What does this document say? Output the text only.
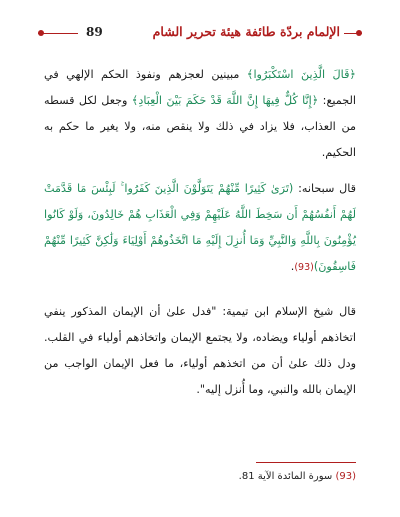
الإلمام بردّة طائفة هيئة تحرير الشام
89

﴿قَالَ الَّذِينَ اسْتَكْبَرُوا﴾ مبينين لعجزهم ونفوذ الحكم الإلهي في الجميع: ﴿إِنَّا كُلٌّ فِيهَا إِنَّ اللَّهَ قَدْ حَكَمَ بَيْنَ الْعِبَادِ﴾ وجعل لكل قسطه من العذاب، فلا يزاد في ذلك ولا ينقص منه، ولا يغير ما حكم به الحكيم.

قال سبحانه: (تَرَىٰ كَثِيرًا مِّنْهُمْ يَتَوَلَّوْنَ الَّذِينَ كَفَرُوا ۚ لَبِئْسَ مَا قَدَّمَتْ لَهُمْ أَنفُسُهُمْ أَن سَخِطَ اللَّهُ عَلَيْهِمْ وَفِي الْعَذَابِ هُمْ خَالِدُونَ، وَلَوْ كَانُوا يُؤْمِنُونَ بِاللَّهِ وَالنَّبِيِّ وَمَا أُنزِلَ إِلَيْهِ مَا اتَّخَذُوهُمْ أَوْلِيَاءَ وَلَٰكِنَّ كَثِيرًا مِّنْهُمْ فَاسِقُونَ)(93).

قال شيخ الإسلام ابن تيمية: "فدل علىٰ أن الإيمان المذكور ينفي اتخاذهم أولياء ويضاده، ولا يجتمع الإيمان واتخاذهم أولياء في القلب. ودل ذلك علىٰ أن من اتخذهم أولياء، ما فعل الإيمان الواجب من الإيمان بالله والنبي، وما أُنزل إليه".

(93) سورة المائدة الآية 81.
